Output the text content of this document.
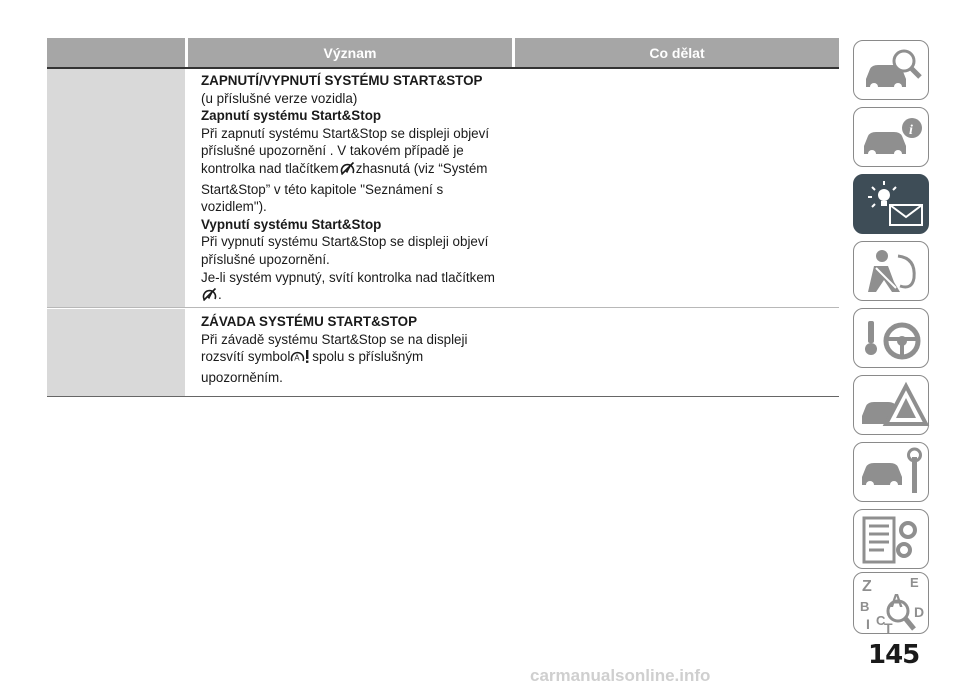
Význam	Co dělat
ZAPNUTÍ/VYPNUTÍ SYSTÉMU START&STOP
(u příslušné verze vozidla)
Zapnutí systému Start&Stop
Při zapnutí systému Start&Stop se displeji objeví
příslušné upozornění . V takovém případě je
kontrolka nad tlačítkem zhasnutá (viz “Systém
Start&Stop” v této kapitole "Seznámení s
vozidlem").
Vypnutí systému Start&Stop
Při vypnutí systému Start&Stop se displeji objeví
příslušné upozornění.
Je-li systém vypnutý, svítí kontrolka nad tlačítkem
.
ZÁVADA SYSTÉMU START&STOP
Při závadě systému Start&Stop se na displeji
rozsvítí symbol A spolu s příslušným
upozorněním.
i
Z	E
A
B
C
I T
D
145
carmanualsonline.info
